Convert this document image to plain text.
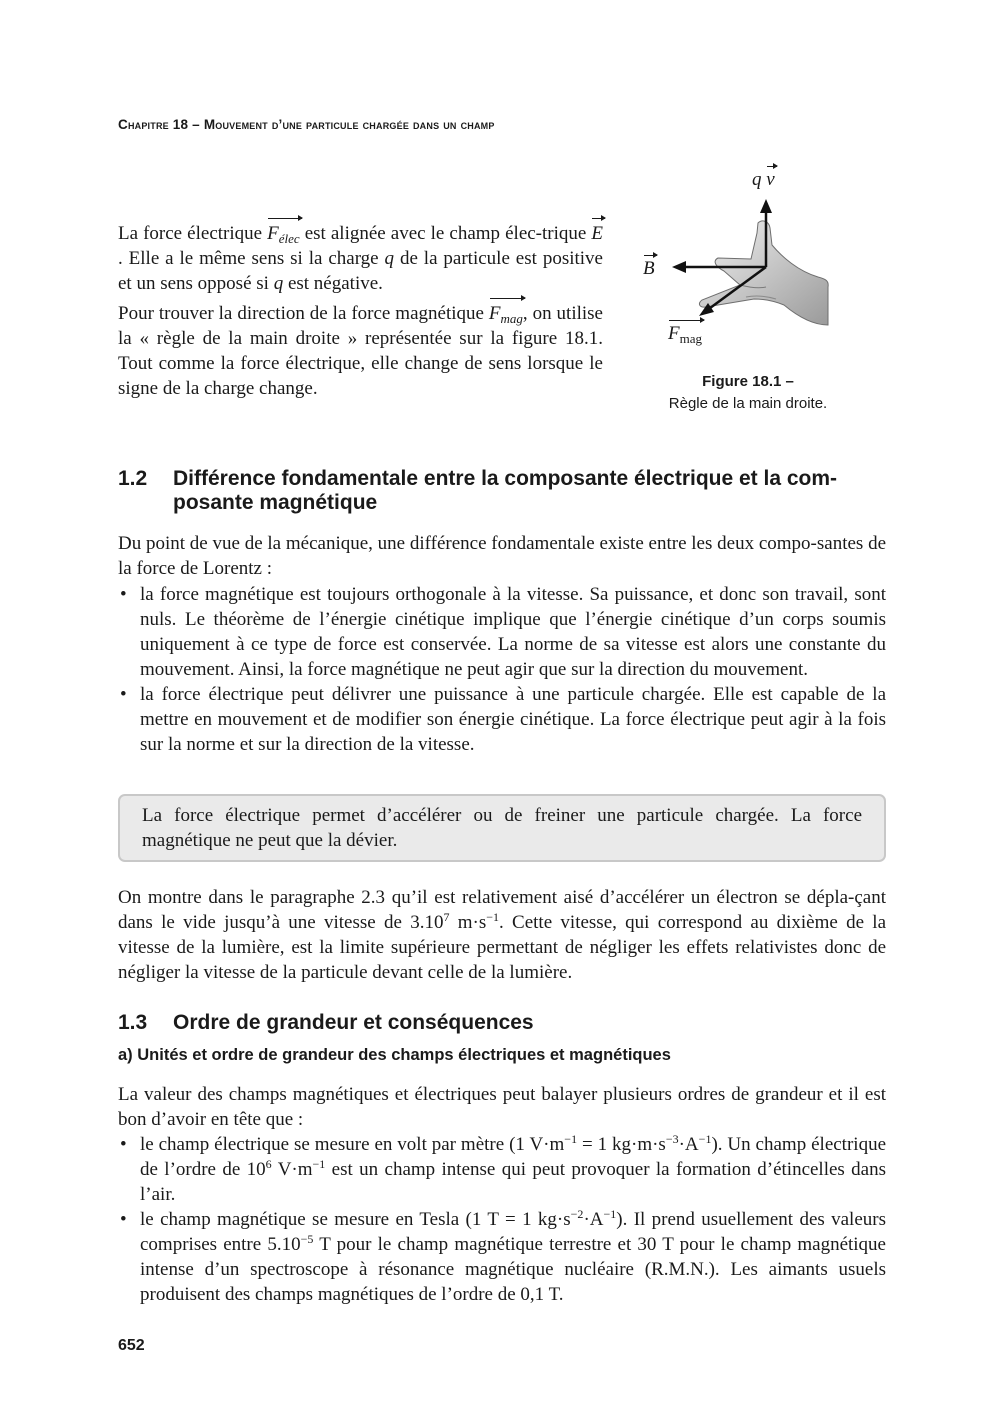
Chapitre 18 – Mouvement d’une particule chargée dans un champ
La force électrique $F_{élec}$ est alignée avec le champ élec-trique E. Elle a le même sens si la charge q de la particule est positive et un sens opposé si q est négative.
Pour trouver la direction de la force magnétique $F_{mag}$, on utilise la « règle de la main droite » représentée sur la figure 18.1. Tout comme la force électrique, elle change de sens lorsque le signe de la charge change.
q v
B
$F_{mag}$
Figure 18.1 –
Règle de la main droite.
1.2 Différence fondamentale entre la composante électrique et la com-posante magnétique
Du point de vue de la mécanique, une différence fondamentale existe entre les deux compo-santes de la force de Lorentz :
• la force magnétique est toujours orthogonale à la vitesse. Sa puissance, et donc son travail, sont nuls. Le théorème de l’énergie cinétique implique que l’énergie cinétique d’un corps soumis uniquement à ce type de force est conservée. La norme de sa vitesse est alors une constante du mouvement. Ainsi, la force magnétique ne peut agir que sur la direction du mouvement.
• la force électrique peut délivrer une puissance à une particule chargée. Elle est capable de la mettre en mouvement et de modifier son énergie cinétique. La force électrique peut agir à la fois sur la norme et sur la direction de la vitesse.
La force électrique permet d’accélérer ou de freiner une particule chargée. La force magnétique ne peut que la dévier.
On montre dans le paragraphe 2.3 qu’il est relativement aisé d’accélérer un électron se dépla-çant dans le vide jusqu’à une vitesse de 3.10$^7$ $m\cdot s^{-1}$. Cette vitesse, qui correspond au dixième de la vitesse de la lumière, est la limite supérieure permettant de négliger les effets relativistes donc de négliger la vitesse de la particule devant celle de la lumière.
1.3 Ordre de grandeur et conséquences
a) Unités et ordre de grandeur des champs électriques et magnétiques
La valeur des champs magnétiques et électriques peut balayer plusieurs ordres de grandeur et il est bon d’avoir en tête que :
• le champ électrique se mesure en volt par mètre (1 $V\cdot m^{-1} = 1$ $kg\cdot m\cdot s^{-3}\cdot A^{-1}$). Un champ électrique de l’ordre de $10^6$ $V\cdot m^{-1}$ est un champ intense qui peut provoquer la formation d’étincelles dans l’air.
• le champ magnétique se mesure en Tesla (1 T = 1 $kg\cdot s^{-2}\cdot A^{-1}$). Il prend usuellement des valeurs comprises entre $5.10^{-5}$ T pour le champ magnétique terrestre et 30 T pour le champ magnétique intense d’un spectroscope à résonance magnétique nucléaire (R.M.N.). Les aimants usuels produisent des champs magnétiques de l’ordre de 0,1 T.
652
